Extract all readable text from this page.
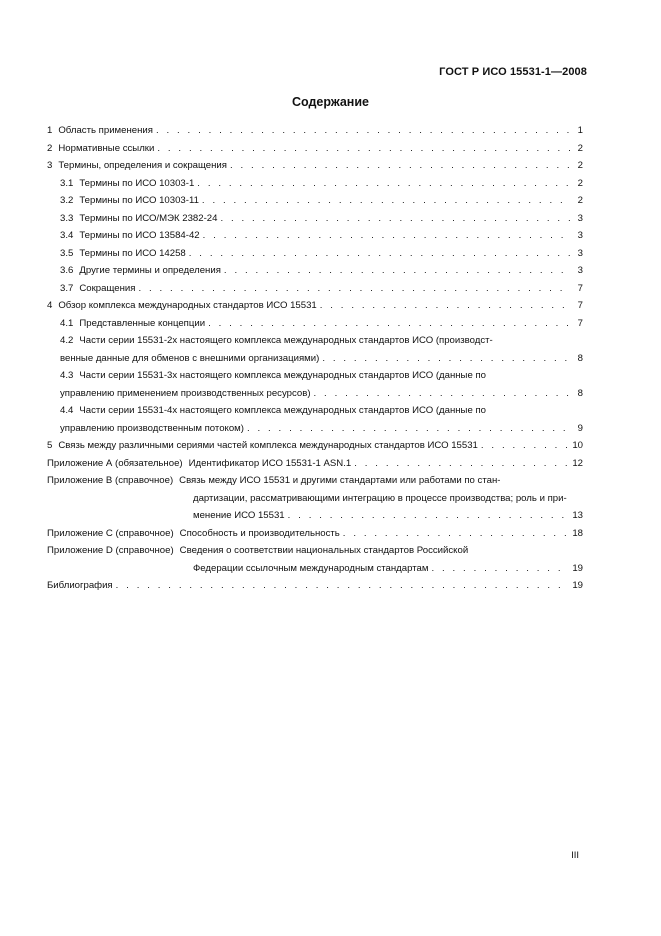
ГОСТ Р ИСО 15531-1—2008
Содержание
1 Область применения . . .	1
2 Нормативные ссылки . . .	2
3 Термины, определения и сокращения . . .	2
3.1 Термины по ИСО 10303-1 . . .	2
3.2 Термины по ИСО 10303-11 . . .	2
3.3 Термины по ИСО/МЭК 2382-24 . . .	3
3.4 Термины по ИСО 13584-42 . . .	3
3.5 Термины по ИСО 14258 . . .	3
3.6 Другие термины и определения . . .	3
3.7 Сокращения . . .	7
4 Обзор комплекса международных стандартов ИСО 15531 . . .	7
4.1 Представленные концепции . . .	7
4.2 Части серии 15531-2х настоящего комплекса международных стандартов ИСО (производст-
венные данные для обменов с внешними организациями) . . .	8
4.3 Части серии 15531-3х настоящего комплекса международных стандартов ИСО (данные по
управлению применением производственных ресурсов) . . .	8
4.4 Части серии 15531-4х настоящего комплекса международных стандартов ИСО (данные по
управлению производственным потоком) . . .	9
5 Связь между различными сериями частей комплекса международных стандартов ИСО 15531 . . .	10
Приложение А (обязательное) Идентификатор ИСО 15531-1 ASN.1 . . .	12
Приложение В (справочное) Связь между ИСО 15531 и другими стандартами или работами по стан-
дартизации, рассматривающими интеграцию в процессе производства; роль и при-
менение ИСО 15531 . . .	13
Приложение С (справочное) Способность и производительность . . .	18
Приложение D (справочное) Сведения о соответствии национальных стандартов Российской
Федерации ссылочным международным стандартам . . .	19
Библиография . . .	19
III
